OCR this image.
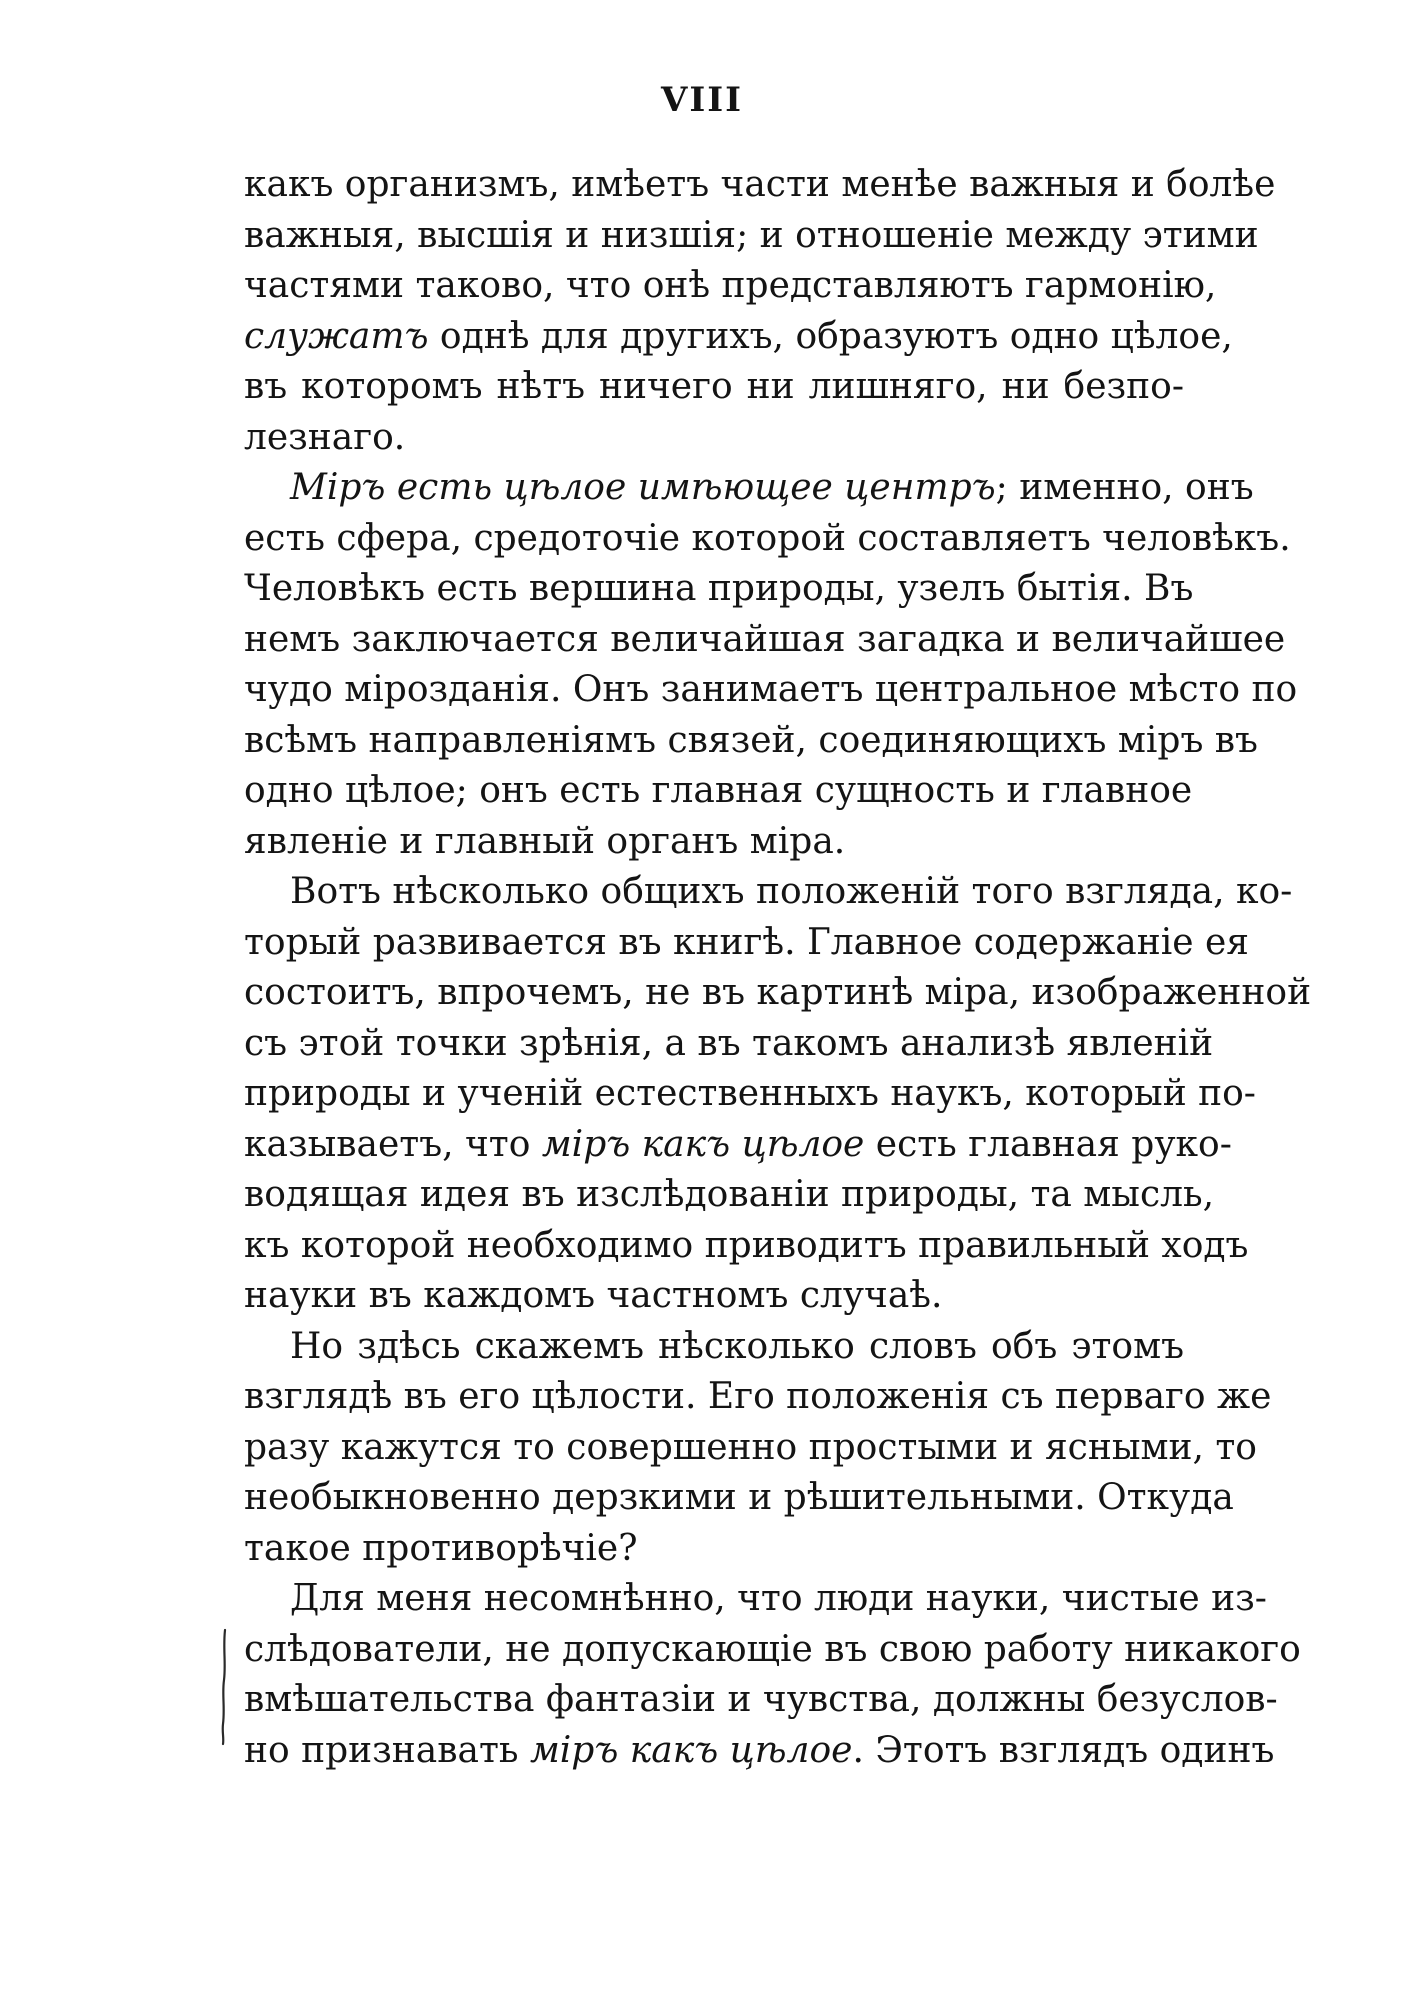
VIII
какъ организмъ, имѣетъ части менѣе важныя и болѣе
важныя, высшія и низшія; и отношеніе между этими
частями таково, что онѣ представляютъ гармонію,
служатъ однѣ для другихъ, образуютъ одно цѣлое,
въ которомъ нѣтъ ничего ни лишняго, ни безпо-
лезнаго.
Міръ есть цѣлое имѣющее центръ; именно, онъ
есть сфера, средоточіе которой составляетъ человѣкъ.
Человѣкъ есть вершина природы, узелъ бытія. Въ
немъ заключается величайшая загадка и величайшее
чудо мірозданія. Онъ занимаетъ центральное мѣсто по
всѣмъ направленіямъ связей, соединяющихъ міръ въ
одно цѣлое; онъ есть главная сущность и главное
явленіе и главный органъ міра.
Вотъ нѣсколько общихъ положеній того взгляда, ко-
торый развивается въ книгѣ. Главное содержаніе ея
состоитъ, впрочемъ, не въ картинѣ міра, изображенной
съ этой точки зрѣнія, а въ такомъ анализѣ явленій
природы и ученій естественныхъ наукъ, который по-
казываетъ, что міръ какъ цѣлое есть главная руко-
водящая идея въ изслѣдованіи природы, та мысль,
къ которой необходимо приводитъ правильный ходъ
науки въ каждомъ частномъ случаѣ.
Но здѣсь скажемъ нѣсколько словъ объ этомъ
взглядѣ въ его цѣлости. Его положенія съ перваго же
разу кажутся то совершенно простыми и ясными, то
необыкновенно дерзкими и рѣшительными. Откуда
такое противорѣчіе?
Для меня несомнѣнно, что люди науки, чистые из-
слѣдователи, не допускающіе въ свою работу никакого
вмѣшательства фантазіи и чувства, должны безуслов-
но признавать міръ какъ цѣлое. Этотъ взглядъ одинъ
